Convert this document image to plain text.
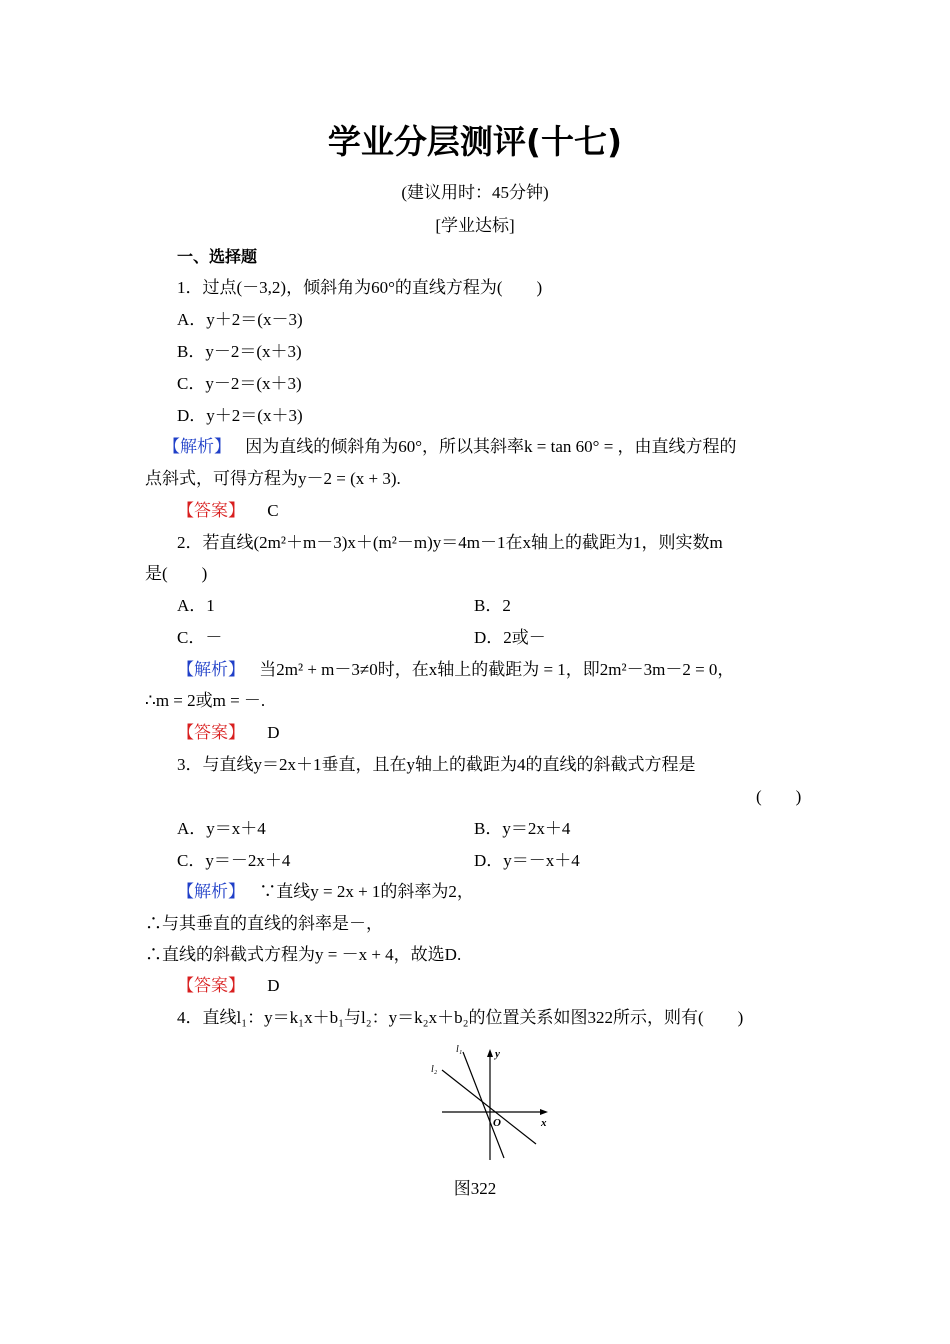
学业分层测评(十七)
(建议用时：45分钟)
[学业达标]
一、选择题
1．过点(－3,2)，倾斜角为60°的直线方程为(　　)
A．y＋2＝(x－3)
B．y－2＝(x＋3)
C．y－2＝(x＋3)
D．y＋2＝(x＋3)
【解析】 因为直线的倾斜角为60°，所以其斜率k = tan 60° = ，由直线方程的
点斜式，可得方程为y－2 = (x + 3).
【答案】 C
2．若直线(2m²＋m－3)x＋(m²－m)y＝4m－1在x轴上的截距为1，则实数m
是(　　)
A．1	B．2
C．－	D．2或－
【解析】 当2m² + m－3≠0时，在x轴上的截距为 = 1，即2m²－3m－2 = 0，
∴m = 2或m = －.
【答案】 D
3．与直线y＝2x＋1垂直，且在y轴上的截距为4的直线的斜截式方程是
(　　)
A．y＝x＋4	B．y＝2x＋4
C．y＝－2x＋4	D．y＝－x＋4
【解析】 ∵直线y = 2x + 1的斜率为2，
∴与其垂直的直线的斜率是－，
∴直线的斜截式方程为y = －x + 4，故选D.
【答案】 D
4．直线l₁：y＝k₁x＋b₁与l₂：y＝k₂x＋b₂的位置关系如图322所示，则有(　　)
l₁
l₂
y
x
O
图322
